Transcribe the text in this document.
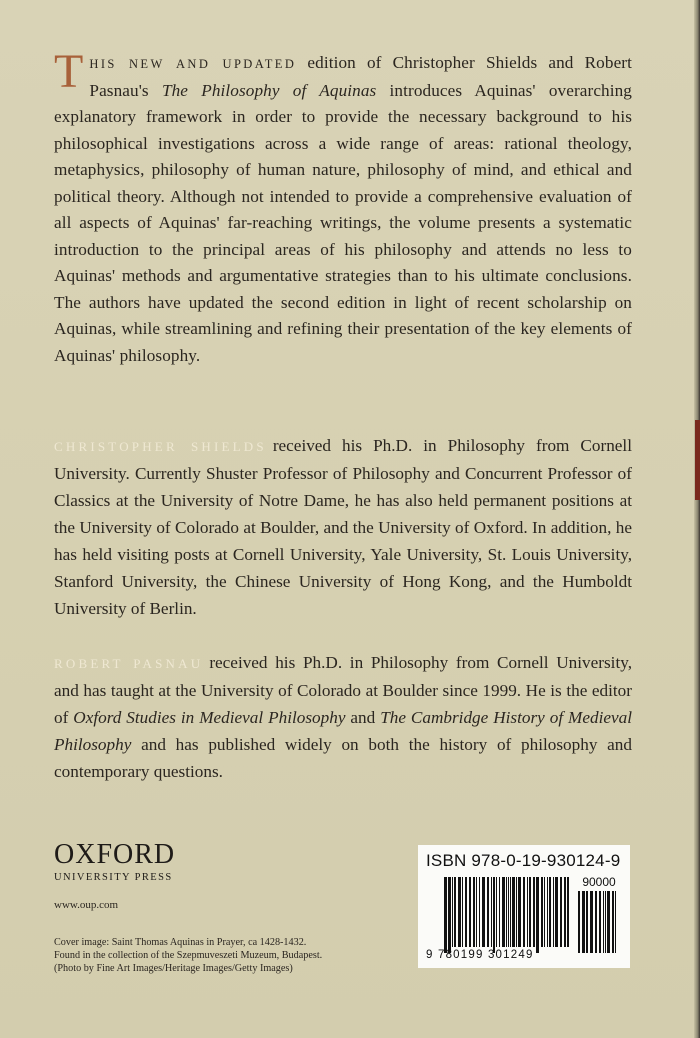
THIS NEW AND UPDATED edition of Christopher Shields and Robert Pasnau's The Philosophy of Aquinas introduces Aquinas' overarching explanatory framework in order to provide the necessary background to his philosophical investigations across a wide range of areas: rational theology, metaphysics, philosophy of human nature, philosophy of mind, and ethical and political theory. Although not intended to provide a comprehensive evaluation of all aspects of Aquinas' far-reaching writings, the volume presents a systematic introduction to the principal areas of his philosophy and attends no less to Aquinas' methods and argumentative strategies than to his ultimate conclusions. The authors have updated the second edition in light of recent scholarship on Aquinas, while streamlining and refining their presentation of the key elements of Aquinas' philosophy.

CHRISTOPHER SHIELDS received his Ph.D. in Philosophy from Cornell University. Currently Shuster Professor of Philosophy and Concurrent Professor of Classics at the University of Notre Dame, he has also held permanent positions at the University of Colorado at Boulder, and the University of Oxford. In addition, he has held visiting posts at Cornell University, Yale University, St. Louis University, Stanford University, the Chinese University of Hong Kong, and the Humboldt University of Berlin.

ROBERT PASNAU received his Ph.D. in Philosophy from Cornell University, and has taught at the University of Colorado at Boulder since 1999. He is the editor of Oxford Studies in Medieval Philosophy and The Cambridge History of Medieval Philosophy and has published widely on both the history of philosophy and contemporary questions.

OXFORD
UNIVERSITY PRESS
www.oup.com
Cover image: Saint Thomas Aquinas in Prayer, ca 1428-1432.
Found in the collection of the Szepmuveszeti Muzeum, Budapest.
(Photo by Fine Art Images/Heritage Images/Getty Images)
ISBN 978-0-19-930124-9
90000
9 780199 301249
